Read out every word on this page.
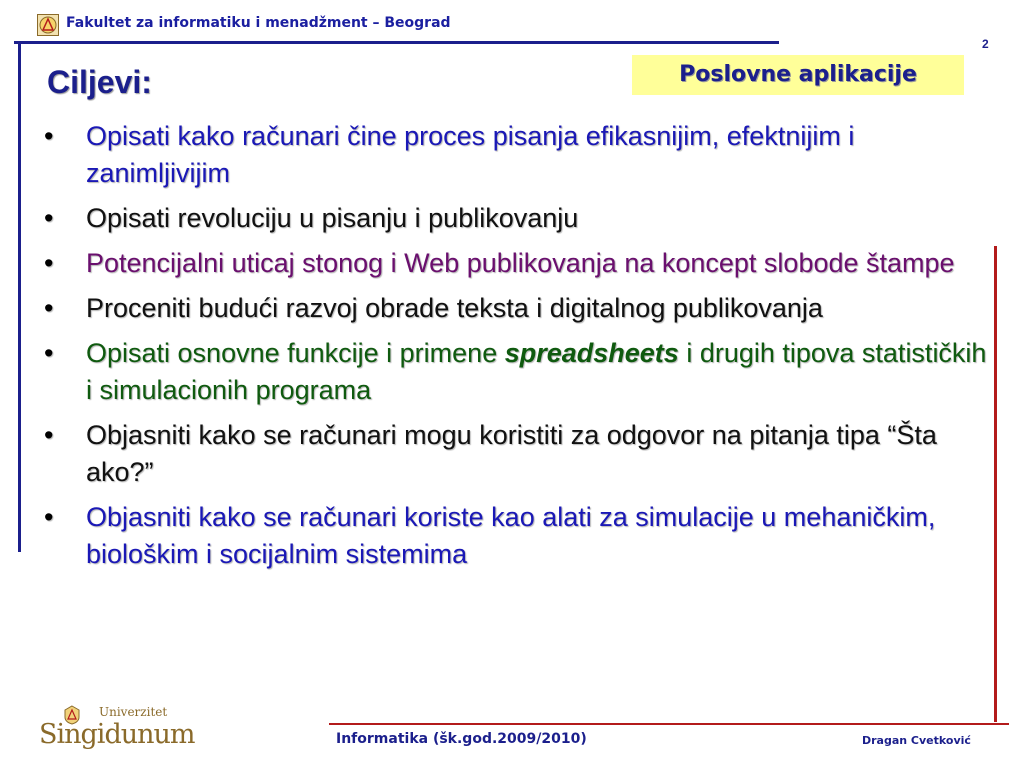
Fakultet za informatiku i menadžment – Beograd
2
Poslovne aplikacije
Ciljevi:
• Opisati kako računari čine proces pisanja efikasnijim, efektnijim i zanimljivijim
• Opisati revoluciju u pisanju i publikovanju
• Potencijalni uticaj stonog i Web publikovanja na koncept slobode štampe
• Proceniti budući razvoj obrade teksta i digitalnog publikovanja
• Opisati osnovne funkcije i primene spreadsheets i drugih tipova statističkih i simulacionih programa
• Objasniti kako se računari mogu koristiti za odgovor na pitanja tipa “Šta ako?”
• Objasniti kako se računari koriste kao alati za simulacije u mehaničkim, biološkim i socijalnim sistemima
Univerzitet
Singidunum	Informatika (šk.god.2009/2010)	Dragan Cvetković
